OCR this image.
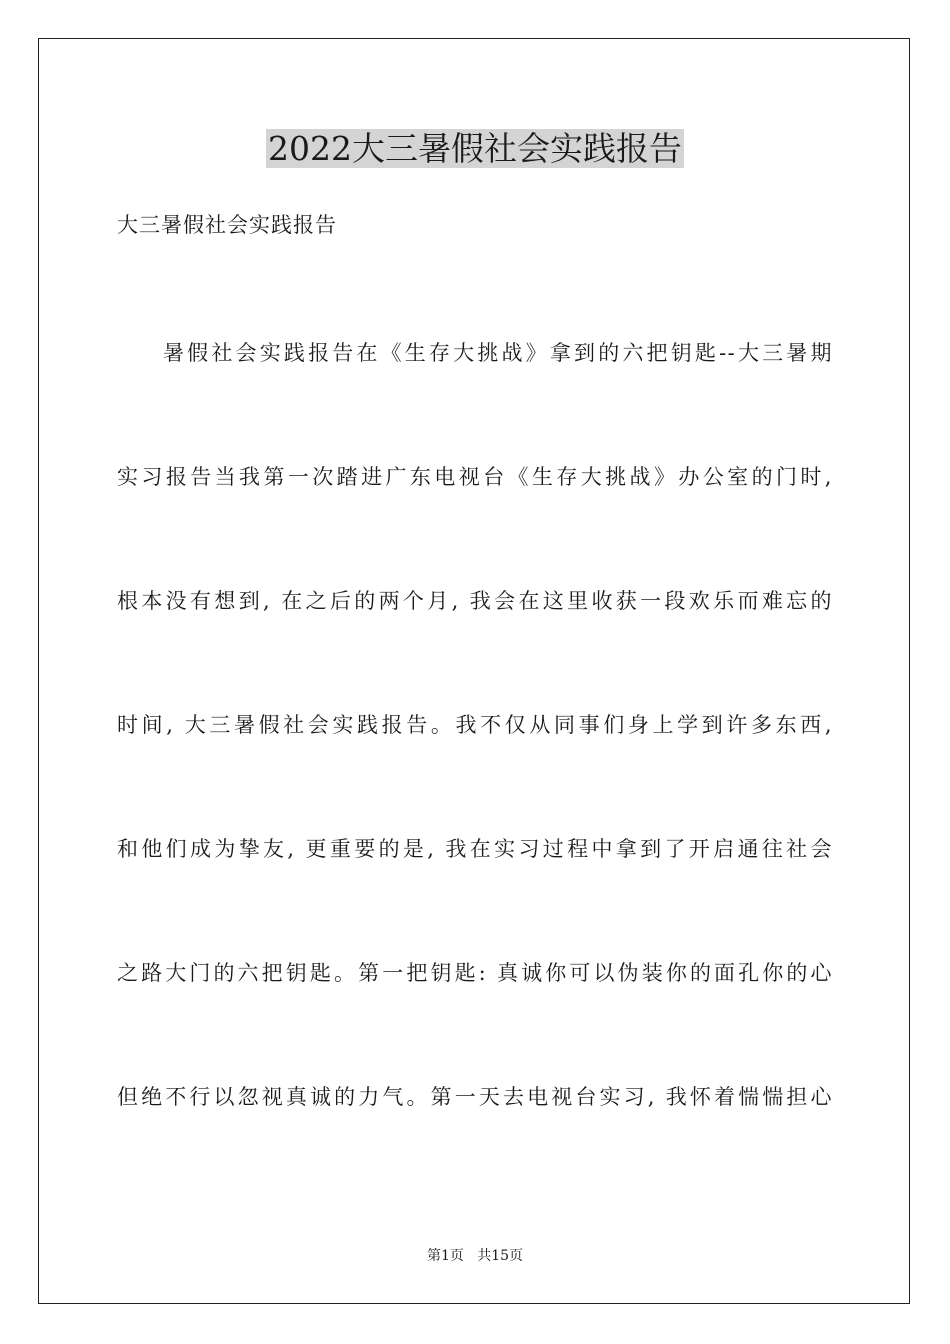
2022大三暑假社会实践报告
大三暑假社会实践报告
暑假社会实践报告在《生存大挑战》拿到的六把钥匙--大三暑期
实习报告当我第一次踏进广东电视台《生存大挑战》办公室的门时,
根本没有想到, 在之后的两个月, 我会在这里收获一段欢乐而难忘的
时间, 大三暑假社会实践报告。我不仅从同事们身上学到许多东西,
和他们成为挚友, 更重要的是, 我在实习过程中拿到了开启通往社会
之路大门的六把钥匙。第一把钥匙: 真诚你可以伪装你的面孔你的心
但绝不行以忽视真诚的力气。第一天去电视台实习, 我怀着惴惴担心
第1页   共15页
